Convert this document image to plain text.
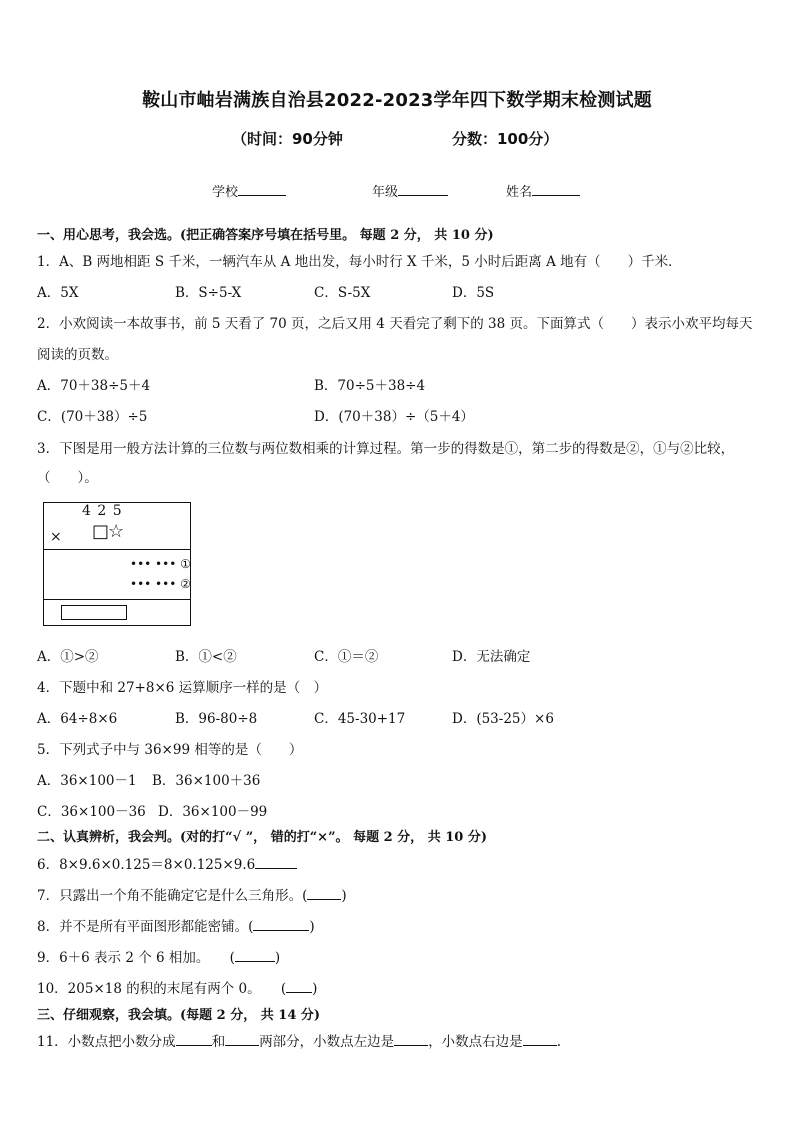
鞍山市岫岩满族自治县2022-2023学年四下数学期末检测试题
（时间：90分钟	分数：100分）
学校	年级	姓名
一、用心思考，我会选。(把正确答案序号填在括号里。 每题 2 分， 共 10 分)
1．A、B 两地相距 S 千米，一辆汽车从 A 地出发，每小时行 X 千米，5 小时后距离 A 地有（　　）千米．
A．5X	B．S÷5-X	C．S-5X	D．5S
2．小欢阅读一本故事书，前 5 天看了 70 页，之后又用 4 天看完了剩下的 38 页。下面算式（　　）表示小欢平均每天
阅读的页数。
A．70＋38÷5＋4	B．70÷5＋38÷4
C．(70＋38）÷5	D．(70＋38）÷（5＋4）
3．下图是用一般方法计算的三位数与两位数相乘的计算过程。第一步的得数是①，第二步的得数是②，①与②比较，
（　　）。
4 2 5
× □☆
••• ••• ①
••• ••• ②
A．①>②	B．①<②	C．①＝②	D．无法确定
4．下题中和 27+8×6 运算顺序一样的是（　）
A．64÷8×6	B．96-80÷8	C．45-30+17	D．(53-25）×6
5．下列式子中与 36×99 相等的是（　　）
A．36×100－1 B．36×100＋36
C．36×100－36 D．36×100－99
二、认真辨析，我会判。(对的打“√ ”， 错的打“×”。 每题 2 分， 共 10 分)
6．8×9.6×0.125＝8×0.125×9.6
7．只露出一个角不能确定它是什么三角形。(	)
8．并不是所有平面图形都能密铺。(	)
9．6＋6 表示 2 个 6 相加。　　(	)
10．205×18 的积的末尾有两个 0。　　( )
三、仔细观察，我会填。(每题 2 分， 共 14 分)
11．小数点把小数分成	和	两部分，小数点左边是	，小数点右边是	.
